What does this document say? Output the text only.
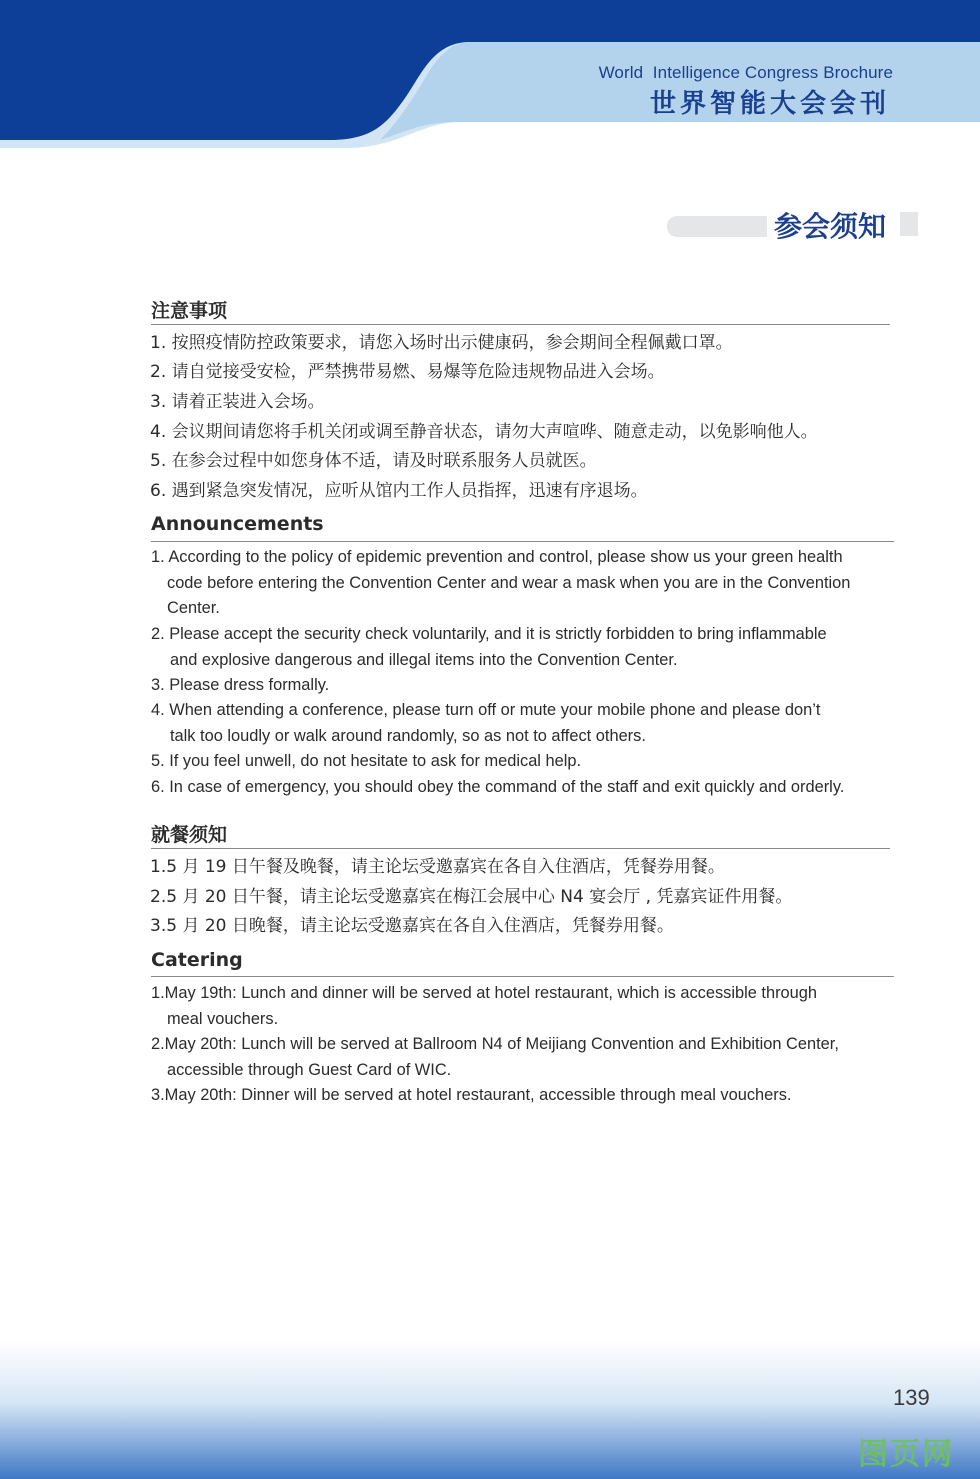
World  Intelligence Congress Brochure
世界智能大会会刊
参会须知
注意事项
1. 按照疫情防控政策要求，请您入场时出示健康码，参会期间全程佩戴口罩。
2. 请自觉接受安检，严禁携带易燃、易爆等危险违规物品进入会场。
3. 请着正装进入会场。
4. 会议期间请您将手机关闭或调至静音状态，请勿大声喧哗、随意走动，以免影响他人。
5. 在参会过程中如您身体不适，请及时联系服务人员就医。
6. 遇到紧急突发情况，应听从馆内工作人员指挥，迅速有序退场。
Announcements
1. According to the policy of epidemic prevention and control, please show us your green health
code before entering the Convention Center and wear a mask when you are in the Convention
Center.
2. Please accept the security check voluntarily, and it is strictly forbidden to bring inflammable
and explosive dangerous and illegal items into the Convention Center.
3. Please dress formally.
4. When attending a conference, please turn off or mute your mobile phone and please don’t
talk too loudly or walk around randomly, so as not to affect others.
5. If you feel unwell, do not hesitate to ask for medical help.
6. In case of emergency, you should obey the command of the staff and exit quickly and orderly.
就餐须知
1.5 月 19 日午餐及晚餐，请主论坛受邀嘉宾在各自入住酒店，凭餐券用餐。
2.5 月 20 日午餐，请主论坛受邀嘉宾在梅江会展中心 N4 宴会厅 , 凭嘉宾证件用餐。
3.5 月 20 日晚餐，请主论坛受邀嘉宾在各自入住酒店，凭餐券用餐。
Catering
1.May 19th: Lunch and dinner will be served at hotel restaurant, which is accessible through
meal vouchers.
2.May 20th: Lunch will be served at Ballroom N4 of Meijiang Convention and Exhibition Center,
accessible through Guest Card of WIC.
3.May 20th: Dinner will be served at hotel restaurant, accessible through meal vouchers.
139
图页网
